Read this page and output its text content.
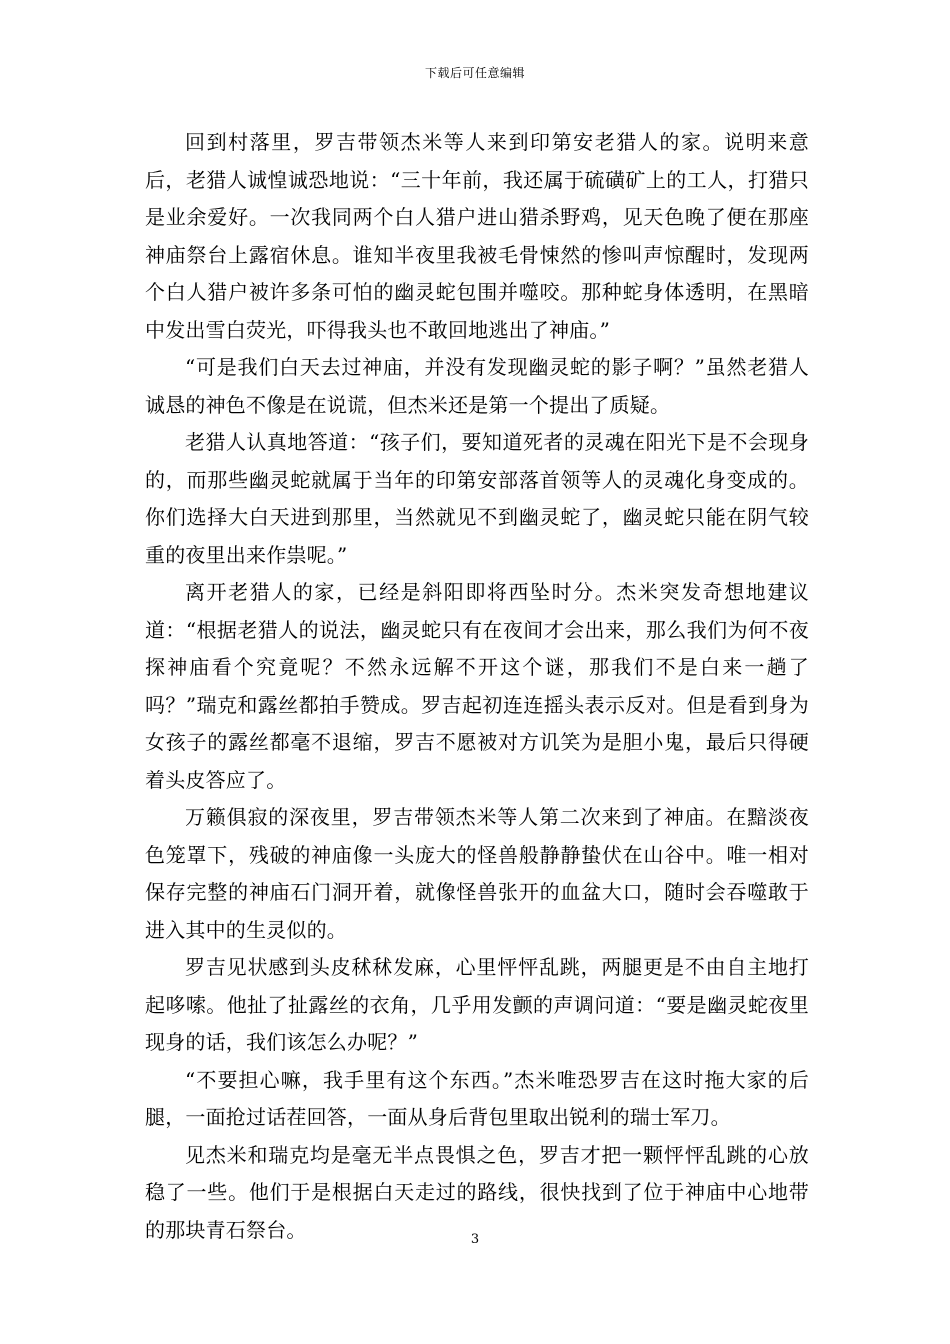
下载后可任意编辑

回到村落里，罗吉带领杰米等人来到印第安老猎人的家。说明来意后，老猎人诚惶诚恐地说：“三十年前，我还属于硫磺矿上的工人，打猎只是业余爱好。一次我同两个白人猎户进山猎杀野鸡，见天色晚了便在那座神庙祭台上露宿休息。谁知半夜里我被毛骨悚然的惨叫声惊醒时，发现两个白人猎户被许多条可怕的幽灵蛇包围并噬咬。那种蛇身体透明，在黑暗中发出雪白荧光，吓得我头也不敢回地逃出了神庙。”

“可是我们白天去过神庙，并没有发现幽灵蛇的影子啊？”虽然老猎人诚恳的神色不像是在说谎，但杰米还是第一个提出了质疑。

老猎人认真地答道：“孩子们，要知道死者的灵魂在阳光下是不会现身的，而那些幽灵蛇就属于当年的印第安部落首领等人的灵魂化身变成的。你们选择大白天进到那里，当然就见不到幽灵蛇了，幽灵蛇只能在阴气较重的夜里出来作祟呢。”

离开老猎人的家，已经是斜阳即将西坠时分。杰米突发奇想地建议道：“根据老猎人的说法，幽灵蛇只有在夜间才会出来，那么我们为何不夜探神庙看个究竟呢？不然永远解不开这个谜，那我们不是白来一趟了吗？”瑞克和露丝都拍手赞成。罗吉起初连连摇头表示反对。但是看到身为女孩子的露丝都毫不退缩，罗吉不愿被对方讥笑为是胆小鬼，最后只得硬着头皮答应了。

万籁俱寂的深夜里，罗吉带领杰米等人第二次来到了神庙。在黯淡夜色笼罩下，残破的神庙像一头庞大的怪兽般静静蛰伏在山谷中。唯一相对保存完整的神庙石门洞开着，就像怪兽张开的血盆大口，随时会吞噬敢于进入其中的生灵似的。

罗吉见状感到头皮秫秫发麻，心里怦怦乱跳，两腿更是不由自主地打起哆嗦。他扯了扯露丝的衣角，几乎用发颤的声调问道：“要是幽灵蛇夜里现身的话，我们该怎么办呢？”

“不要担心嘛，我手里有这个东西。”杰米唯恐罗吉在这时拖大家的后腿，一面抢过话茬回答，一面从身后背包里取出锐利的瑞士军刀。

见杰米和瑞克均是毫无半点畏惧之色，罗吉才把一颗怦怦乱跳的心放稳了一些。他们于是根据白天走过的路线，很快找到了位于神庙中心地带的那块青石祭台。	3
